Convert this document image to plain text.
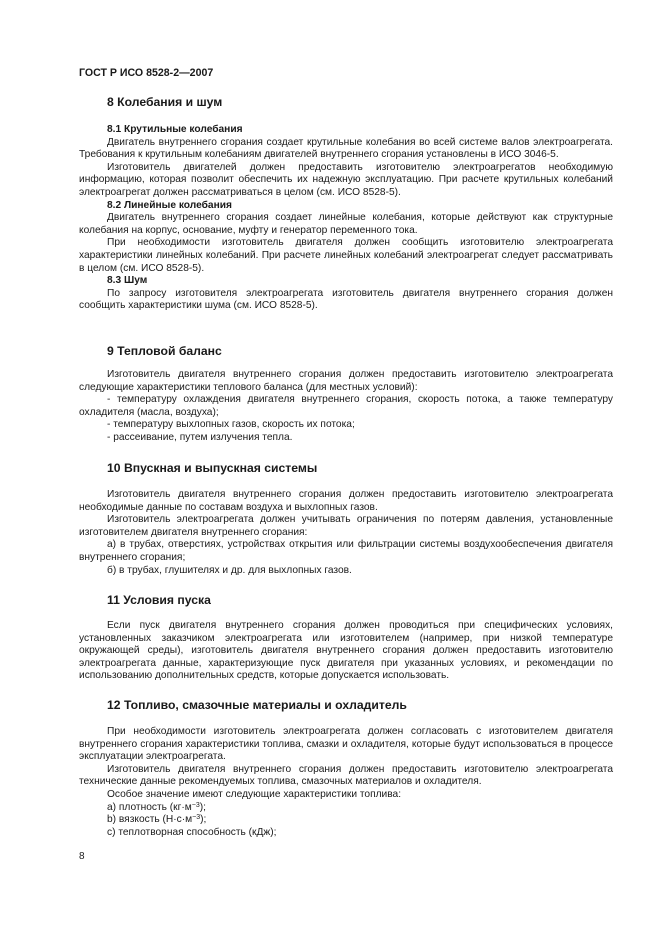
ГОСТ Р ИСО 8528-2—2007
8 Колебания и шум
8.1 Крутильные колебания

Двигатель внутреннего сгорания создает крутильные колебания во всей системе валов электроагрегата. Требования к крутильным колебаниям двигателей внутреннего сгорания установлены в ИСО 3046-5.

Изготовитель двигателей должен предоставить изготовителю электроагрегатов необходимую информацию, которая позволит обеспечить их надежную эксплуатацию. При расчете крутильных колебаний электроагрегат должен рассматриваться в целом (см. ИСО 8528-5).

8.2 Линейные колебания

Двигатель внутреннего сгорания создает линейные колебания, которые действуют как структурные колебания на корпус, основание, муфту и генератор переменного тока.

При необходимости изготовитель двигателя должен сообщить изготовителю электроагрегата характеристики линейных колебаний. При расчете линейных колебаний электроагрегат следует рассматривать в целом (см. ИСО 8528-5).

8.3 Шум

По запросу изготовителя электроагрегата изготовитель двигателя внутреннего сгорания должен сообщить характеристики шума (см. ИСО 8528-5).

9 Тепловой баланс

Изготовитель двигателя внутреннего сгорания должен предоставить изготовителю электроагрегата следующие характеристики теплового баланса (для местных условий):

- температуру охлаждения двигателя внутреннего сгорания, скорость потока, а также температуру охладителя (масла, воздуха);

- температуру выхлопных газов, скорость их потока;

- рассеивание, путем излучения тепла.

10 Впускная и выпускная системы

Изготовитель двигателя внутреннего сгорания должен предоставить изготовителю электроагрегата необходимые данные по составам воздуха и выхлопных газов.

Изготовитель электроагрегата должен учитывать ограничения по потерям давления, установленные изготовителем двигателя внутреннего сгорания:

а) в трубах, отверстиях, устройствах открытия или фильтрации системы воздухообеспечения двигателя внутреннего сгорания;

б) в трубах, глушителях и др. для выхлопных газов.

11 Условия пуска

Если пуск двигателя внутреннего сгорания должен проводиться при специфических условиях, установленных заказчиком электроагрегата или изготовителем (например, при низкой температуре окружающей среды), изготовитель двигателя внутреннего сгорания должен предоставить изготовителю электроагрегата данные, характеризующие пуск двигателя при указанных условиях, и рекомендации по использованию дополнительных средств, которые допускается использовать.

12 Топливо, смазочные материалы и охладитель

При необходимости изготовитель электроагрегата должен согласовать с изготовителем двигателя внутреннего сгорания характеристики топлива, смазки и охладителя, которые будут использоваться в процессе эксплуатации электроагрегата.

Изготовитель двигателя внутреннего сгорания должен предоставить изготовителю электроагрегата технические данные рекомендуемых топлива, смазочных материалов и охладителя.

Особое значение имеют следующие характеристики топлива:

а) плотность $(кг\cdot м^{-3})$;

b) вязкость $(Н\cdot с\cdot м^{-3})$;

c) теплотворная способность (кДж);

8
